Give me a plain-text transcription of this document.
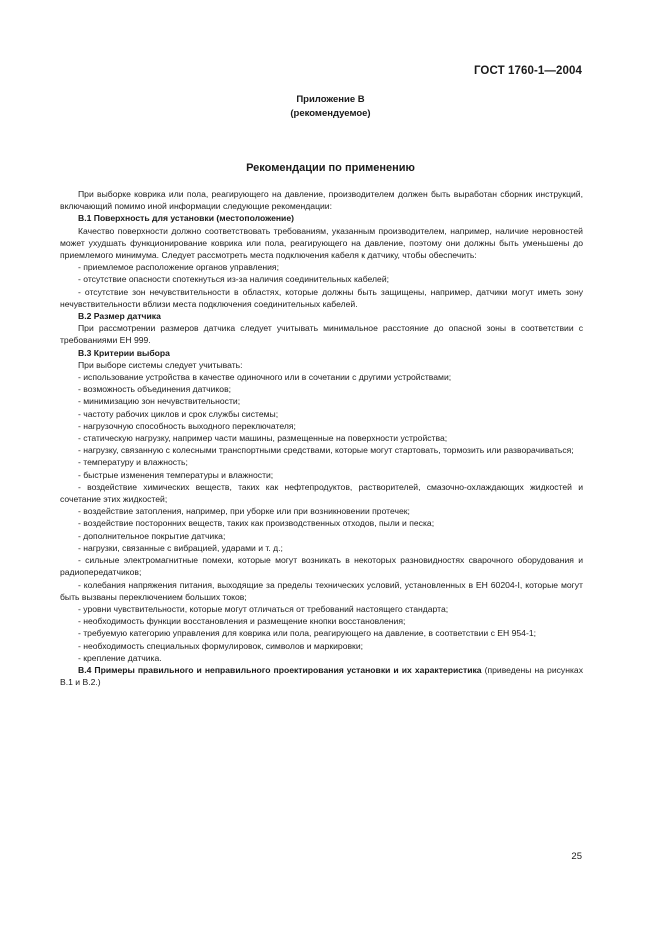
ГОСТ 1760-1—2004
Приложение В
(рекомендуемое)
Рекомендации по применению

При выборке коврика или пола, реагирующего на давление, производителем должен быть выработан сборник инструкций, включающий помимо иной информации следующие рекомендации:

В.1 Поверхность для установки (местоположение)

Качество поверхности должно соответствовать требованиям, указанным производителем, например, наличие неровностей может ухудшать функционирование коврика или пола, реагирующего на давление, поэтому они должны быть уменьшены до приемлемого минимума. Следует рассмотреть места подключения кабеля к датчику, чтобы обеспечить:

- приемлемое расположение органов управления;

- отсутствие опасности спотекнуться из-за наличия соединительных кабелей;

- отсутствие зон нечувствительности в областях, которые должны быть защищены, например, датчики могут иметь зону нечувствительности вблизи места подключения соединительных кабелей.

В.2 Размер датчика

При рассмотрении размеров датчика следует учитывать минимальное расстояние до опасной зоны в соответствии с требованиями ЕН 999.

В.3 Критерии выбора

При выборе системы следует учитывать:

- использование устройства в качестве одиночного или в сочетании с другими устройствами;

- возможность объединения датчиков;

- минимизацию зон нечувствительности;

- частоту рабочих циклов и срок службы системы;

- нагрузочную способность выходного переключателя;

- статическую нагрузку, например части машины, размещенные на поверхности устройства;

- нагрузку, связанную с колесными транспортными средствами, которые могут стартовать, тормозить или разворачиваться;

- температуру и влажность;

- быстрые изменения температуры и влажности;

- воздействие химических веществ, таких как нефтепродуктов, растворителей, смазочно-охлаждающих жидкостей и сочетание этих жидкостей;

- воздействие затопления, например, при уборке или при возникновении протечек;

- воздействие посторонних веществ, таких как производственных отходов, пыли и песка;

- дополнительное покрытие датчика;

- нагрузки, связанные с вибрацией, ударами и т. д.;

- сильные электромагнитные помехи, которые могут возникать в некоторых разновидностях сварочного оборудования и радиопередатчиков;

- колебания напряжения питания, выходящие за пределы технических условий, установленных в ЕН 60204-I, которые могут быть вызваны переключением больших токов;

- уровни чувствительности, которые могут отличаться от требований настоящего стандарта;

- необходимость функции восстановления и размещение кнопки восстановления;

- требуемую категорию управления для коврика или пола, реагирующего на давление, в соответствии с ЕН 954-1;

- необходимость специальных формулировок, символов и маркировки;

- крепление датчика.

В.4 Примеры правильного и неправильного проектирования установки и их характеристика (приведены на рисунках В.1 и В.2.)

25
